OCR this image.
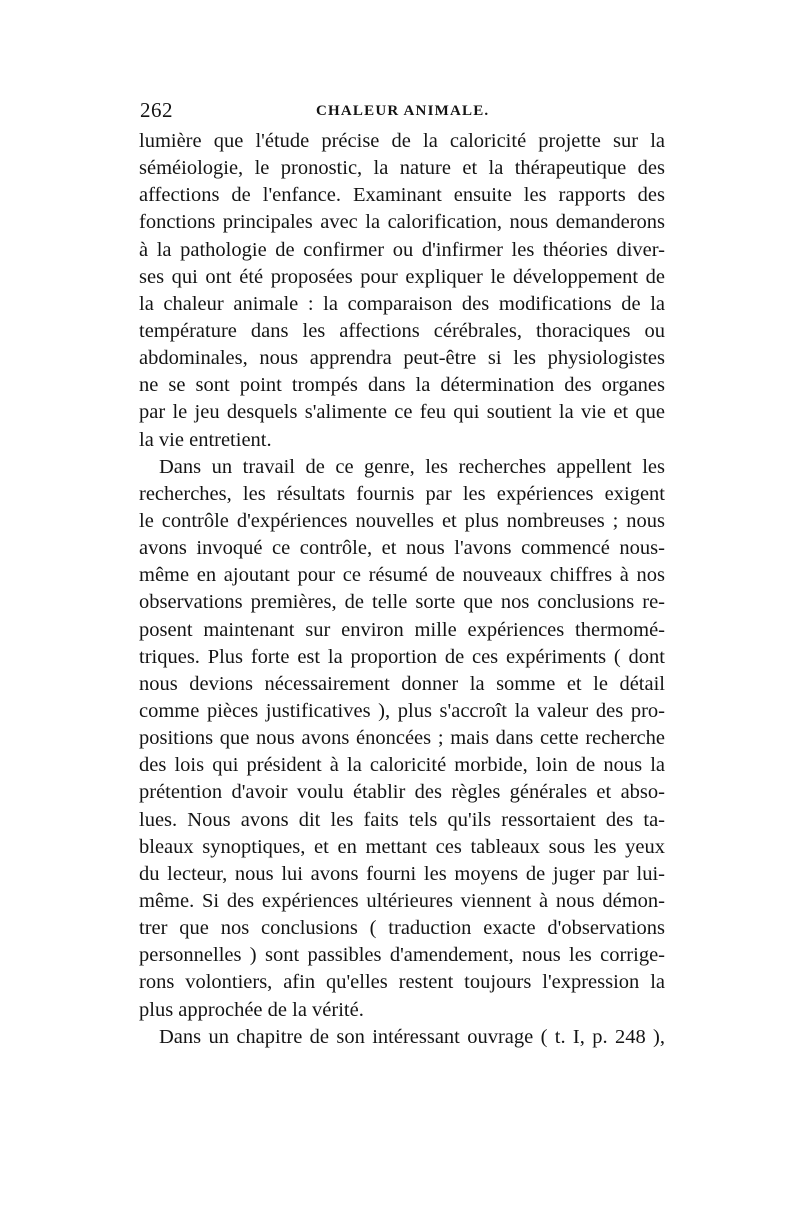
262	CHALEUR ANIMALE.
lumière que l'étude précise de la caloricité projette sur la
séméiologie, le pronostic, la nature et la thérapeutique des
affections de l'enfance. Examinant ensuite les rapports des
fonctions principales avec la calorification, nous demanderons
à la pathologie de confirmer ou d'infirmer les théories diver-
ses qui ont été proposées pour expliquer le développement de
la chaleur animale : la comparaison des modifications de la
température dans les affections cérébrales, thoraciques ou
abdominales, nous apprendra peut-être si les physiologistes
ne se sont point trompés dans la détermination des organes
par le jeu desquels s'alimente ce feu qui soutient la vie et que
la vie entretient.
Dans un travail de ce genre, les recherches appellent les
recherches, les résultats fournis par les expériences exigent
le contrôle d'expériences nouvelles et plus nombreuses ; nous
avons invoqué ce contrôle, et nous l'avons commencé nous-
même en ajoutant pour ce résumé de nouveaux chiffres à nos
observations premières, de telle sorte que nos conclusions re-
posent maintenant sur environ mille expériences thermomé-
triques. Plus forte est la proportion de ces expériments ( dont
nous devions nécessairement donner la somme et le détail
comme pièces justificatives ), plus s'accroît la valeur des pro-
positions que nous avons énoncées ; mais dans cette recherche
des lois qui président à la caloricité morbide, loin de nous la
prétention d'avoir voulu établir des règles générales et abso-
lues. Nous avons dit les faits tels qu'ils ressortaient des ta-
bleaux synoptiques, et en mettant ces tableaux sous les yeux
du lecteur, nous lui avons fourni les moyens de juger par lui-
même. Si des expériences ultérieures viennent à nous démon-
trer que nos conclusions ( traduction exacte d'observations
personnelles ) sont passibles d'amendement, nous les corrige-
rons volontiers, afin qu'elles restent toujours l'expression la
plus approchée de la vérité.
Dans un chapitre de son intéressant ouvrage ( t. I, p. 248 ),
